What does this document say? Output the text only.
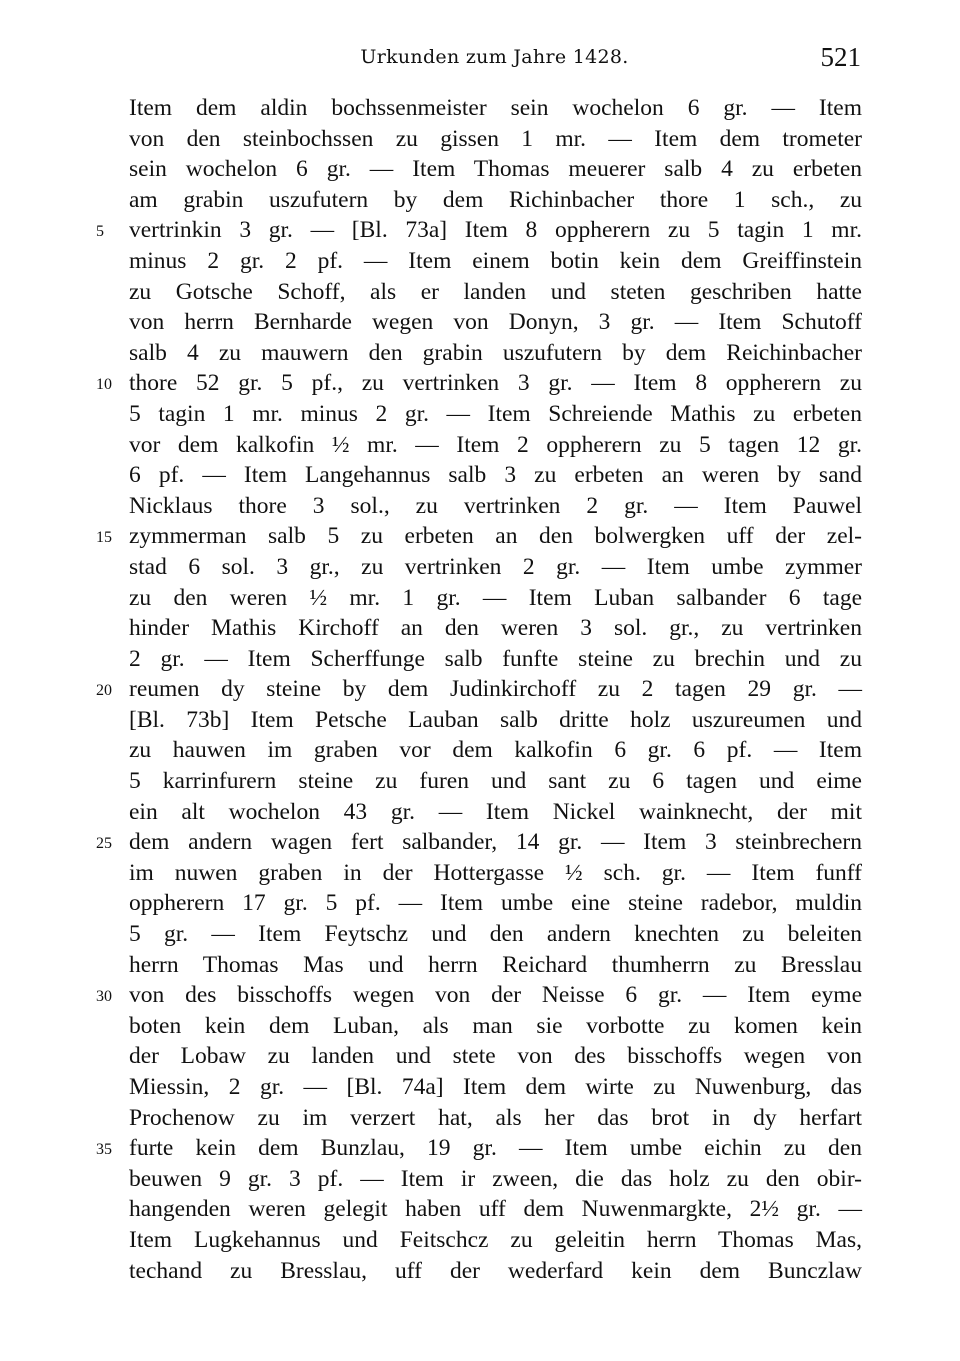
Urkunden zum Jahre 1428.	521
Item dem aldin bochssenmeister sein wochelon 6 gr. — Item
von den steinbochssen zu gissen 1 mr. — Item dem trometer
sein wochelon 6 gr. — Item Thomas meuerer salb 4 zu erbeten
am grabin uszufutern by dem Richinbacher thore 1 sch., zu
5	vertrinkin 3 gr. — [Bl. 73a] Item 8 oppherern zu 5 tagin 1 mr.
minus 2 gr. 2 pf. — Item einem botin kein dem Greiffinstein
zu Gotsche Schoff, als er landen und steten geschriben hatte
von herrn Bernharde wegen von Donyn, 3 gr. — Item Schutoff
salb 4 zu mauwern den grabin uszufutern by dem Reichinbacher
10 thore 52 gr. 5 pf., zu vertrinken 3 gr. — Item 8 oppherern zu
5 tagin 1 mr. minus 2 gr. — Item Schreiende Mathis zu erbeten
vor dem kalkofin ½ mr. — Item 2 oppherern zu 5 tagen 12 gr.
6 pf. — Item Langehannus salb 3 zu erbeten an weren by sand
Nicklaus thore 3 sol., zu vertrinken 2 gr. — Item Pauwel
15 zymmerman salb 5 zu erbeten an den bolwergken uff der zel-
stad 6 sol. 3 gr., zu vertrinken 2 gr. — Item umbe zymmer
zu den weren ½ mr. 1 gr. — Item Luban salbander 6 tage
hinder Mathis Kirchoff an den weren 3 sol. gr., zu vertrinken
2 gr. — Item Scherffunge salb funfte steine zu brechin und zu
20 reumen dy steine by dem Judinkirchoff zu 2 tagen 29 gr. —
[Bl. 73b] Item Petsche Lauban salb dritte holz uszureumen und
zu hauwen im graben vor dem kalkofin 6 gr. 6 pf. — Item
5 karrinfurern steine zu furen und sant zu 6 tagen und eime
ein alt wochelon 43 gr. — Item Nickel wainknecht, der mit
25 dem andern wagen fert salbander, 14 gr. — Item 3 steinbrechern
im nuwen graben in der Hottergasse ½ sch. gr. — Item funff
oppherern 17 gr. 5 pf. — Item umbe eine steine radebor, muldin
5 gr. — Item Feytschz und den andern knechten zu beleiten
herrn Thomas Mas und herrn Reichard thumherrn zu Bresslau
30 von des bisschoffs wegen von der Neisse 6 gr. — Item eyme
boten kein dem Luban, als man sie vorbotte zu komen kein
der Lobaw zu landen und stete von des bisschoffs wegen von
Miessin, 2 gr. — [Bl. 74a] Item dem wirte zu Nuwenburg, das
Prochenow zu im verzert hat, als her das brot in dy herfart
35 furte kein dem Bunzlau, 19 gr. — Item umbe eichin zu den
beuwen 9 gr. 3 pf. — Item ir zween, die das holz zu den obir-
hangenden weren gelegit haben uff dem Nuwenmargkte, 2½ gr. —
Item Lugkehannus und Feitschcz zu geleitin herrn Thomas Mas,
techand zu Bresslau, uff der wederfard kein dem Bunczlaw
